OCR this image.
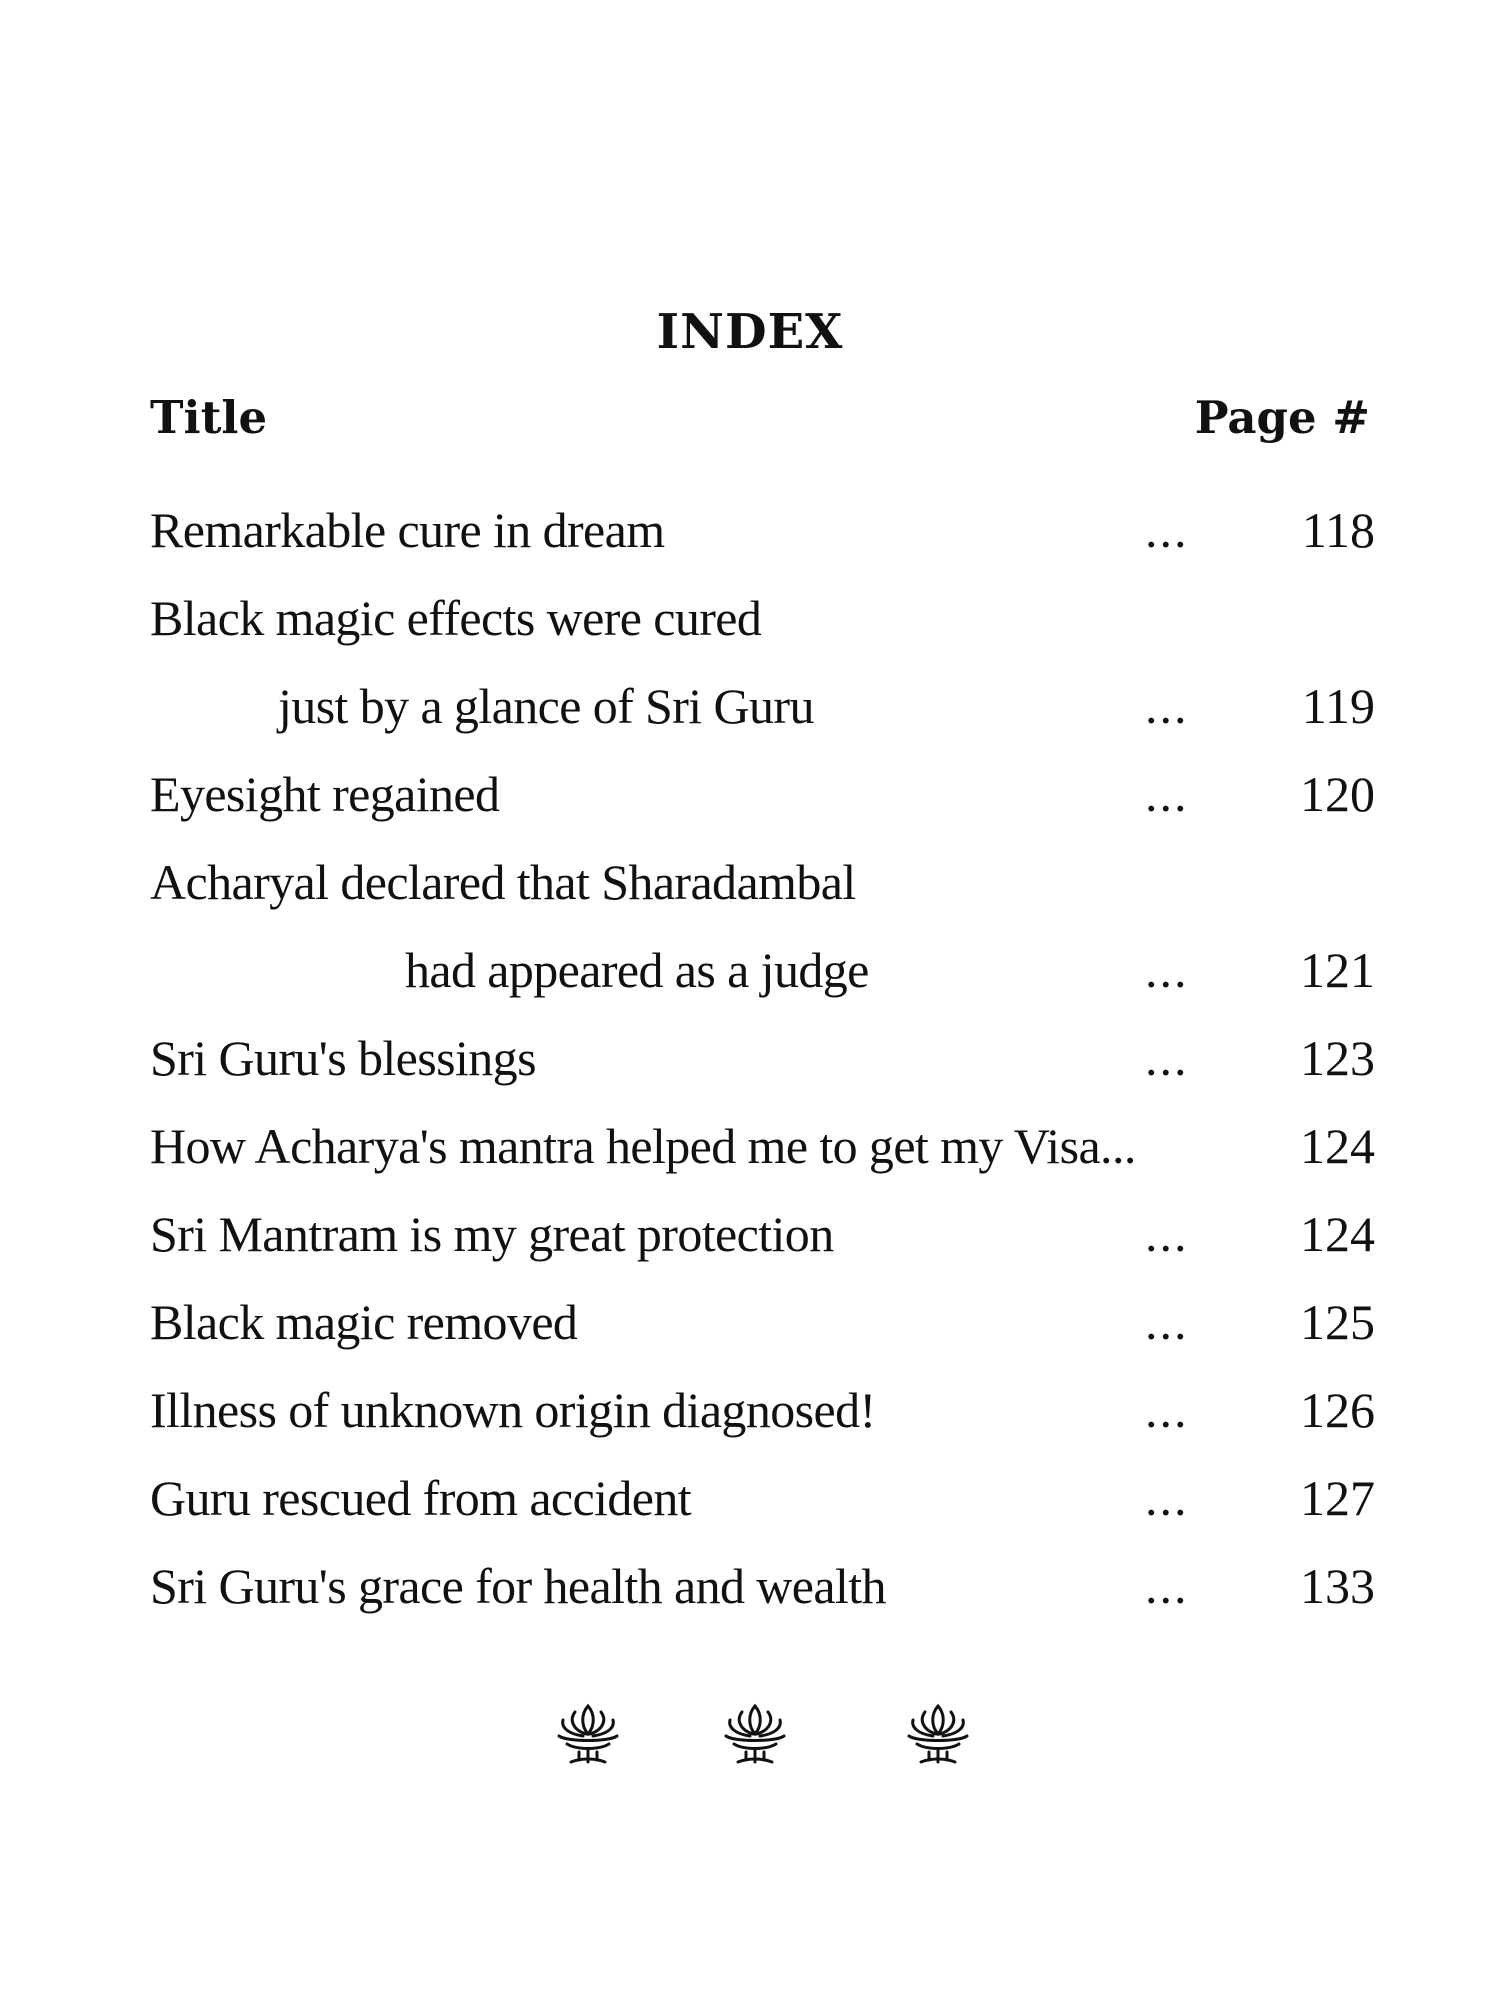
INDEX
Title	Page #
Remarkable cure in dream	... 118
Black magic effects were cured
just by a glance of Sri Guru	... 119
Eyesight regained	... 120
Acharyal declared that Sharadambal
had appeared as a judge	... 121
Sri Guru's blessings	... 123
How Acharya's mantra helped me to get my Visa...	124
Sri Mantram is my great protection	... 124
Black magic removed	... 125
Illness of unknown origin diagnosed!	... 126
Guru rescued from accident	... 127
Sri Guru's grace for health and wealth	... 133
